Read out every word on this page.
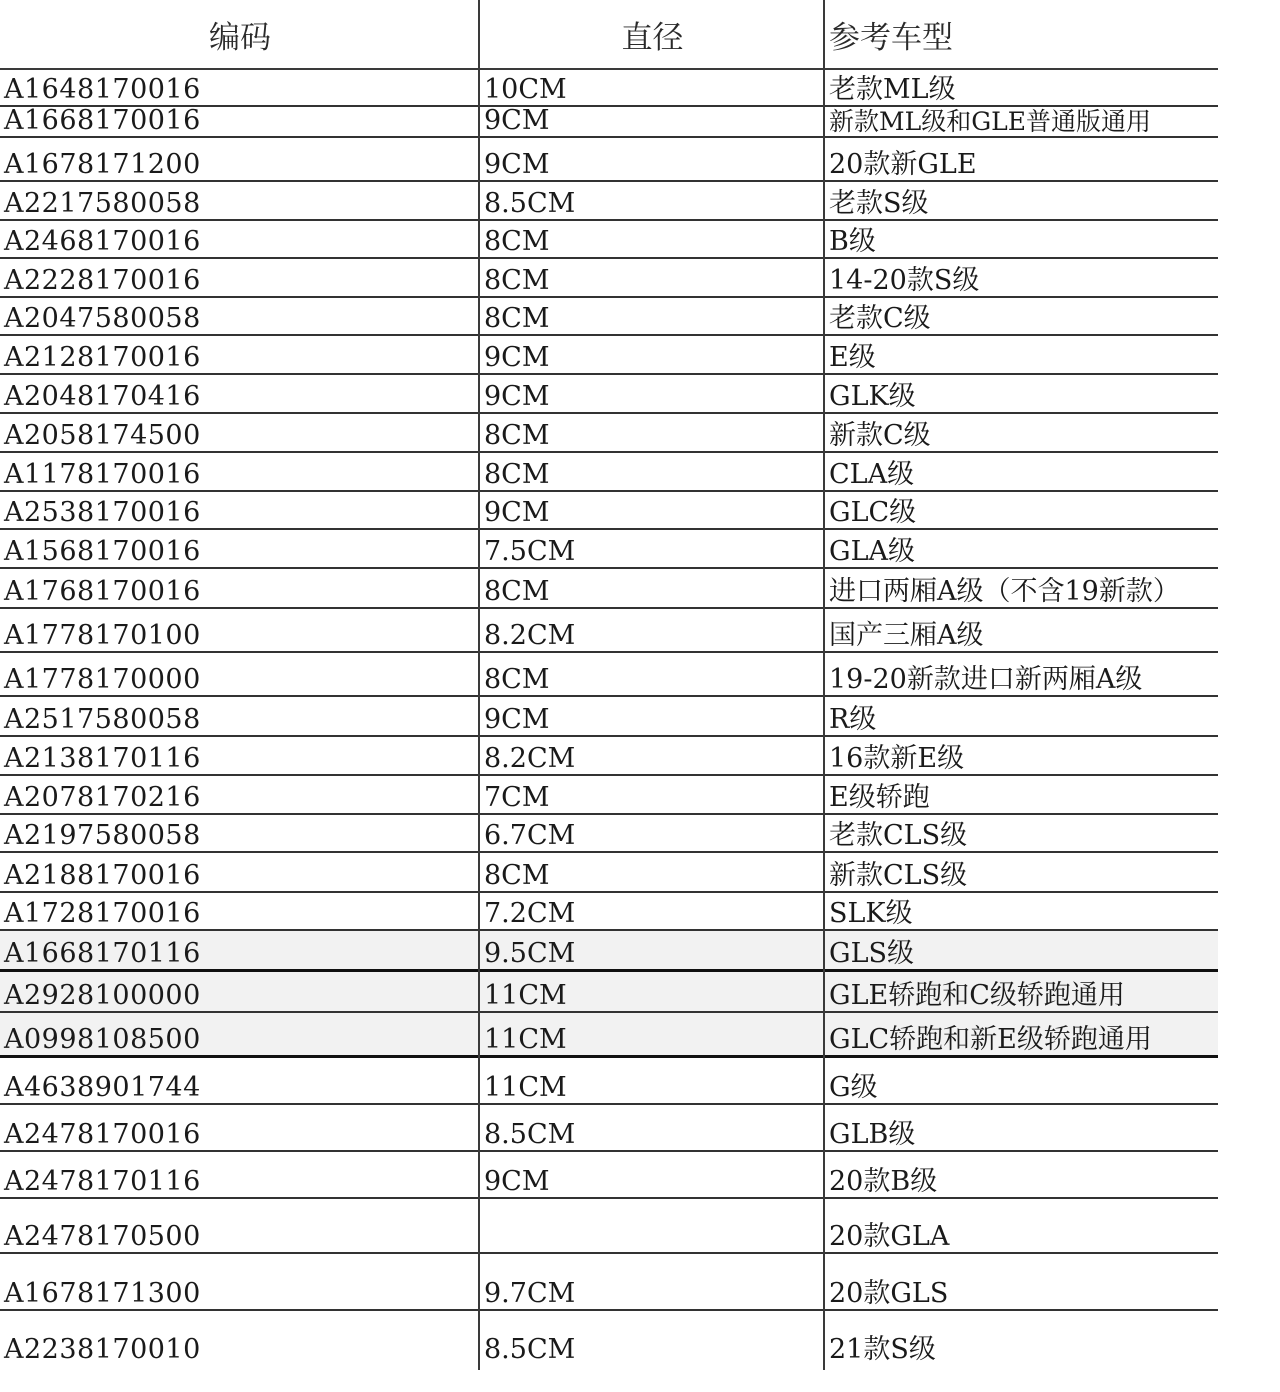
编码	直径	参考车型
A1648170016	10CM	老款ML级
A1668170016	9CM	新款ML级和GLE普通版通用
A1678171200	9CM	20款新GLE
A2217580058	8.5CM	老款S级
A2468170016	8CM	B级
A2228170016	8CM	14-20款S级
A2047580058	8CM	老款C级
A2128170016	9CM	E级
A2048170416	9CM	GLK级
A2058174500	8CM	新款C级
A1178170016	8CM	CLA级
A2538170016	9CM	GLC级
A1568170016	7.5CM	GLA级
A1768170016	8CM	进口两厢A级（不含19新款）
A1778170100	8.2CM	国产三厢A级
A1778170000	8CM	19-20新款进口新两厢A级
A2517580058	9CM	R级
A2138170116	8.2CM	16款新E级
A2078170216	7CM	E级轿跑
A2197580058	6.7CM	老款CLS级
A2188170016	8CM	新款CLS级
A1728170016	7.2CM	SLK级
A1668170116	9.5CM	GLS级
A2928100000	11CM	GLE轿跑和C级轿跑通用
A0998108500	11CM	GLC轿跑和新E级轿跑通用
A4638901744	11CM	G级
A2478170016	8.5CM	GLB级
A2478170116	9CM	20款B级
A2478170500		20款GLA
A1678171300	9.7CM	20款GLS
A2238170010	8.5CM	21款S级
